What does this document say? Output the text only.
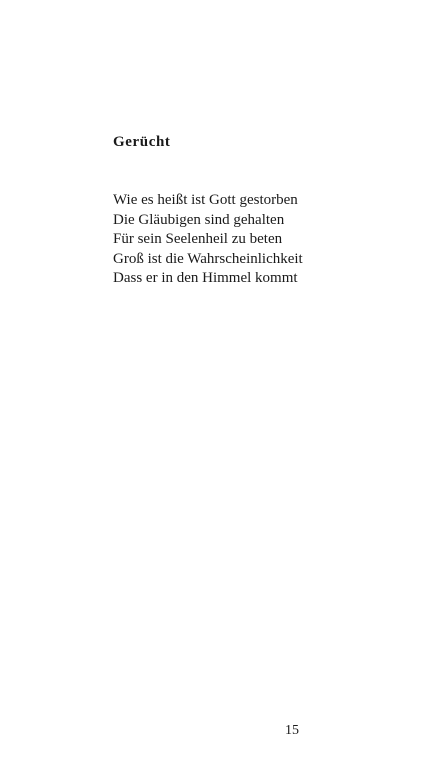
Gerücht
Wie es heißt ist Gott gestorben
Die Gläubigen sind gehalten
Für sein Seelenheil zu beten
Groß ist die Wahrscheinlichkeit
Dass er in den Himmel kommt
15
